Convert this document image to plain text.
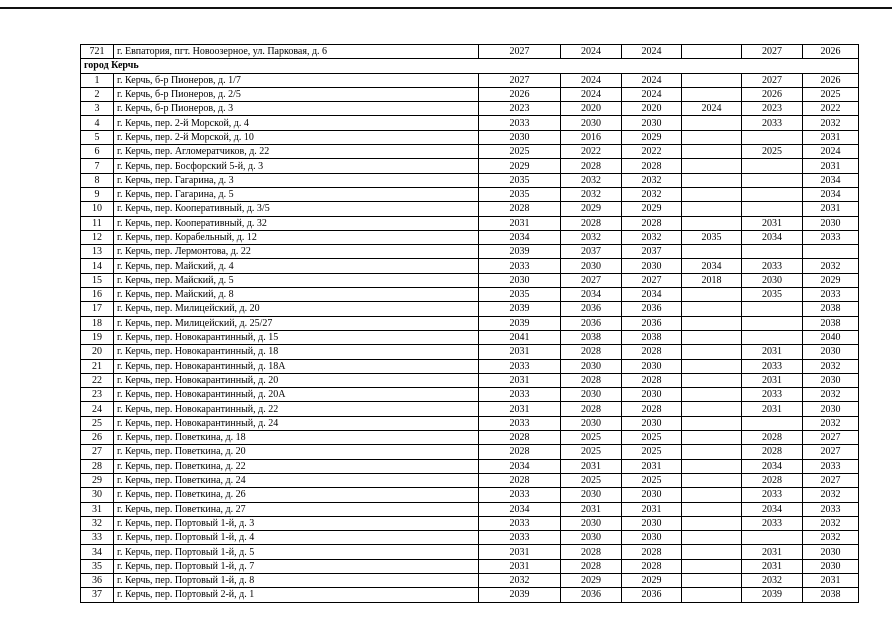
721	г. Евпатория, пгт. Новоозерное, ул. Парковая, д. 6	2027	2024	2024		2027	2026
город Керчь							
1	г. Керчь, б-р Пионеров, д. 1/7	2027	2024	2024		2027	2026
2	г. Керчь, б-р Пионеров, д. 2/5	2026	2024	2024		2026	2025
3	г. Керчь, б-р Пионеров, д. 3	2023	2020	2020	2024	2023	2022
4	г. Керчь, пер. 2-й Морской, д. 4	2033	2030	2030		2033	2032
5	г. Керчь, пер. 2-й Морской, д. 10	2030	2016	2029			2031
6	г. Керчь, пер. Агломератчиков, д. 22	2025	2022	2022		2025	2024
7	г. Керчь, пер. Босфорский 5-й, д. 3	2029	2028	2028			2031
8	г. Керчь, пер. Гагарина, д. 3	2035	2032	2032			2034
9	г. Керчь, пер. Гагарина, д. 5	2035	2032	2032			2034
10	г. Керчь, пер. Кооперативный, д. 3/5	2028	2029	2029			2031
11	г. Керчь, пер. Кооперативный, д. 32	2031	2028	2028		2031	2030
12	г. Керчь, пер. Корабельный, д. 12	2034	2032	2032	2035	2034	2033
13	г. Керчь, пер. Лермонтова, д. 22	2039	2037	2037			
14	г. Керчь, пер. Майский, д. 4	2033	2030	2030	2034	2033	2032
15	г. Керчь, пер. Майский, д. 5	2030	2027	2027	2018	2030	2029
16	г. Керчь, пер. Майский, д. 8	2035	2034	2034		2035	2033
17	г. Керчь, пер. Милицейский, д. 20	2039	2036	2036			2038
18	г. Керчь, пер. Милицейский, д. 25/27	2039	2036	2036			2038
19	г. Керчь, пер. Новокарантинный, д. 15	2041	2038	2038			2040
20	г. Керчь, пер. Новокарантинный, д. 18	2031	2028	2028		2031	2030
21	г. Керчь, пер. Новокарантинный, д. 18А	2033	2030	2030		2033	2032
22	г. Керчь, пер. Новокарантинный, д. 20	2031	2028	2028		2031	2030
23	г. Керчь, пер. Новокарантинный, д. 20А	2033	2030	2030		2033	2032
24	г. Керчь, пер. Новокарантинный, д. 22	2031	2028	2028		2031	2030
25	г. Керчь, пер. Новокарантинный, д. 24	2033	2030	2030			2032
26	г. Керчь, пер. Поветкина, д. 18	2028	2025	2025		2028	2027
27	г. Керчь, пер. Поветкина, д. 20	2028	2025	2025		2028	2027
28	г. Керчь, пер. Поветкина, д. 22	2034	2031	2031		2034	2033
29	г. Керчь, пер. Поветкина, д. 24	2028	2025	2025		2028	2027
30	г. Керчь, пер. Поветкина, д. 26	2033	2030	2030		2033	2032
31	г. Керчь, пер. Поветкина, д. 27	2034	2031	2031		2034	2033
32	г. Керчь, пер. Портовый 1-й, д. 3	2033	2030	2030		2033	2032
33	г. Керчь, пер. Портовый 1-й, д. 4	2033	2030	2030			2032
34	г. Керчь, пер. Портовый 1-й, д. 5	2031	2028	2028		2031	2030
35	г. Керчь, пер. Портовый 1-й, д. 7	2031	2028	2028		2031	2030
36	г. Керчь, пер. Портовый 1-й, д. 8	2032	2029	2029		2032	2031
37	г. Керчь, пер. Портовый 2-й, д. 1	2039	2036	2036		2039	2038
